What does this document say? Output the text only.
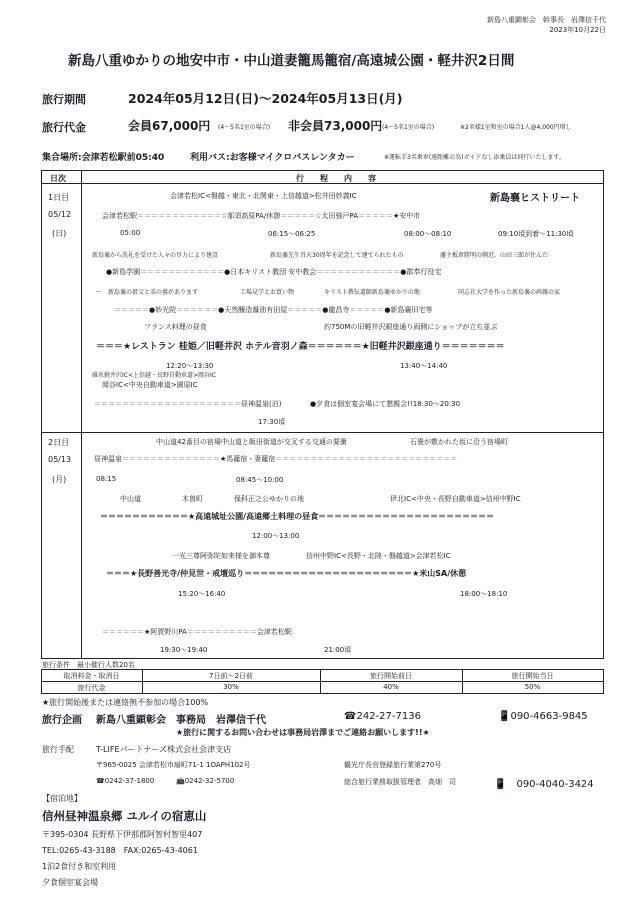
新島八重顕彰会　幹事長　岩澤信千代
2023年10月22日
新島八重ゆかりの地安中市・中山道妻籠馬籠宿/高遠城公園・軽井沢2日間
旅行期間	2024年05月12日(日)〜2024年05月13日(月)
旅行代金	会員67,000円 (4〜5名1室の場合) 非会員73,000円 (4〜5名1室の場合)	※2名様1室和室の場合1人@4,000円増し
集合場所:会津若松駅前05:40	利用バス:お客様マイクロバスレンタカー	※運転手3名乗車(遠距離の為)ガイドなし添乗員は同行いたします。
日次	行　程　内　容
1日目
05/12
(日)
会津若松IC<磐越・東北・北関東・上信越道>松井田妙義IC	新島襄ヒストリート
会津若松駅＝＝＝＝＝＝＝＝＝＝＝＝☆那須高原PA/休憩＝＝＝＝＝☆太田強戸PA＝＝＝＝＝★安中市
05:00	06:15〜06:25	08:00〜08:10	09:10頃到着〜11:30頃
新島襄から洗礼を受けた人々の尽力により建設	新島襄先生召天30周年を記念して建てられたもの	藩主板倉勝明の側近。山田三郎が住んだ
●新島学園＝＝＝＝＝＝＝＝＝＝＝＝●日本キリスト教団 安中教会＝＝＝＝＝＝＝＝＝＝＝＝●郡奉行役宅
〜　新島襄の祖父と弟の墓があります	工場見学とお買い物	キリスト教伝道師新島襄ゆかりの地	同志社大学を作った新島襄の両親の家
＝＝＝＝＝●妙光院＝＝＝＝＝＝●天然醸造醤油有田屋＝＝＝＝＝●龍昌寺＝＝＝＝＝●新島襄旧宅等
フランス料理の昼食	約750Mの旧軽井沢銀座通り両側にショップが立ち並ぶ
＝＝＝★レストラン 桂姫／旧軽井沢 ホテル音羽ノ森＝＝＝＝＝＝★旧軽井沢銀座通り＝＝＝＝＝＝＝
12:20〜13:30	13:40〜14:40
碓氷軽井沢IC<上信越・長野自動車道>岡谷IC
岡谷IC<中央自動車道>園原IC
＝＝＝＝＝＝＝＝＝＝＝＝＝＝＝＝＝＝＝＝＝昼神温泉(泊)	●夕食は個室宴会場にて懇親会!!18:30〜20:30
17:30頃
2日目
05/13
(月)
中山道42番目の宿場中山道と飯田街道が交叉する交通の要衝	石畳が敷かれた坂に沿う宿場町
昼神温泉＝＝＝＝＝＝＝＝＝＝＝＝＝＝★馬籠宿・妻籠宿＝＝＝＝＝＝＝＝＝＝＝＝＝＝＝＝＝＝＝＝＝＝＝＝＝＝
08:15	08:45〜10:00
中山道	木曽町	保科正之公ゆかりの地	伊北IC<中央・長野自動車道>信州中野IC
＝＝＝＝＝＝＝＝＝＝＝★高遠城址公園/高遠郷土料理の昼食＝＝＝＝＝＝＝＝＝＝＝＝＝＝＝＝＝＝＝＝＝＝
12:00〜13:00
一光三尊阿弥陀如来様を御本尊	信州中野IC<長野・北陸・磐越道>会津若松IC
＝＝＝★長野善光寺/仲見世・戒壇巡り＝＝＝＝＝＝＝＝＝＝＝＝＝＝＝＝＝＝＝＝＝★米山SA/休憩
15:20〜16:40	18:00〜18:10
＝＝＝＝＝＝★阿賀野川PA＝＝＝＝＝＝＝＝＝＝会津若松駅
19:30〜19:40	21:00頃
旅行条件　最小催行人数20名
取消料金・取消日	7日前〜2日前	旅行開始前日	旅行開始当日
旅行代金	30%	40%	50%
★旅行開始後または連絡無不参加の場合100%
旅行企画 新島八重顕彰会　事務局　岩澤信千代	☎242-27-7136	📱090-4663-9845
★旅行に関するお問い合わせは事務局岩澤までご連絡お願いします!!★
旅行手配	T-LIFEパートナーズ株式会社会津支店
〒965-0025 会津若松市扇町71-1 1OAPH102号	観光庁長官登録旅行業第270号
☎0242-37-1800	📠0242-32-5700	総合旅行業務取扱管理者　高畑　司	📱　090-4040-3424
【宿泊地】
信州昼神温泉郷 ユルイの宿恵山
〒395-0304 長野県下伊那郡阿智村智里407
TEL:0265-43-3188　FAX:0265-43-4061
1泊2食付き和室利用
夕食個室宴会場
